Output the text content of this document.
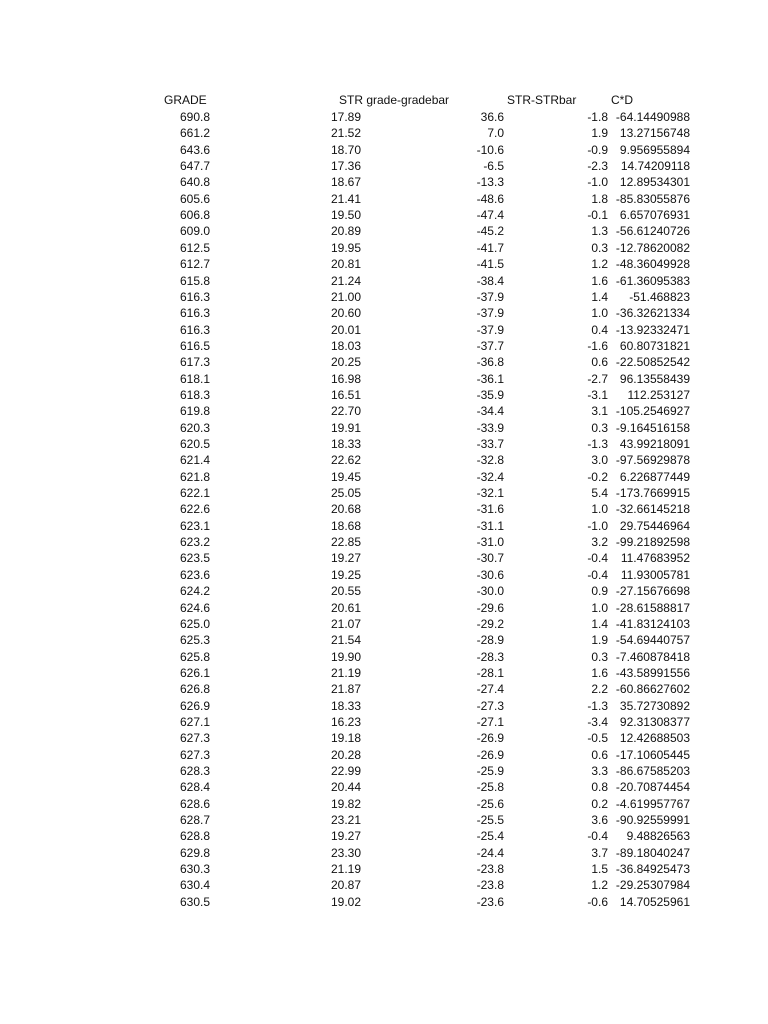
GRADE	STR grade-gradebar	STR-STRbar	C*D
690.8	17.89	36.6	-1.8 -64.14490988
661.2	21.52	7.0	1.9 13.27156748
643.6	18.70	-10.6	-0.9 9.956955894
647.7	17.36	-6.5	-2.3 14.74209118
640.8	18.67	-13.3	-1.0 12.89534301
605.6	21.41	-48.6	1.8 -85.83055876
606.8	19.50	-47.4	-0.1 6.657076931
609.0	20.89	-45.2	1.3 -56.61240726
612.5	19.95	-41.7	0.3 -12.78620082
612.7	20.81	-41.5	1.2 -48.36049928
615.8	21.24	-38.4	1.6 -61.36095383
616.3	21.00	-37.9	1.4 -51.468823
616.3	20.60	-37.9	1.0 -36.32621334
616.3	20.01	-37.9	0.4 -13.92332471
616.5	18.03	-37.7	-1.6 60.80731821
617.3	20.25	-36.8	0.6 -22.50852542
618.1	16.98	-36.1	-2.7 96.13558439
618.3	16.51	-35.9	-3.1 112.253127
619.8	22.70	-34.4	3.1 -105.2546927
620.3	19.91	-33.9	0.3 -9.164516158
620.5	18.33	-33.7	-1.3 43.99218091
621.4	22.62	-32.8	3.0 -97.56929878
621.8	19.45	-32.4	-0.2 6.226877449
622.1	25.05	-32.1	5.4 -173.7669915
622.6	20.68	-31.6	1.0 -32.66145218
623.1	18.68	-31.1	-1.0 29.75446964
623.2	22.85	-31.0	3.2 -99.21892598
623.5	19.27	-30.7	-0.4 11.47683952
623.6	19.25	-30.6	-0.4 11.93005781
624.2	20.55	-30.0	0.9 -27.15676698
624.6	20.61	-29.6	1.0 -28.61588817
625.0	21.07	-29.2	1.4 -41.83124103
625.3	21.54	-28.9	1.9 -54.69440757
625.8	19.90	-28.3	0.3 -7.460878418
626.1	21.19	-28.1	1.6 -43.58991556
626.8	21.87	-27.4	2.2 -60.86627602
626.9	18.33	-27.3	-1.3 35.72730892
627.1	16.23	-27.1	-3.4 92.31308377
627.3	19.18	-26.9	-0.5 12.42688503
627.3	20.28	-26.9	0.6 -17.10605445
628.3	22.99	-25.9	3.3 -86.67585203
628.4	20.44	-25.8	0.8 -20.70874454
628.6	19.82	-25.6	0.2 -4.619957767
628.7	23.21	-25.5	3.6 -90.92559991
628.8	19.27	-25.4	-0.4 9.48826563
629.8	23.30	-24.4	3.7 -89.18040247
630.3	21.19	-23.8	1.5 -36.84925473
630.4	20.87	-23.8	1.2 -29.25307984
630.5	19.02	-23.6	-0.6 14.70525961
